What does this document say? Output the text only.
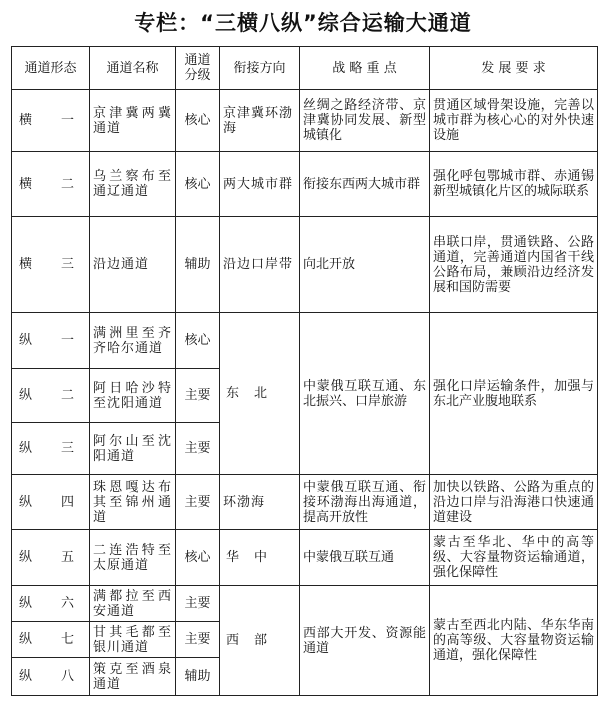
专栏：“三横八纵”综合运输大通道
通道形态	通道名称	通道分级	衔接方向	战 略 重 点	发 展 要 求
横　一	京津冀两冀通道	核心	京津冀环渤海	丝绸之路经济带、京津冀协同发展、新型城镇化	贯通区域骨架设施，完善以城市群为核心心的对外快速设施
横　二	乌兰察布至通辽通道	核心	两大城市群	衔接东西两大城市群	强化呼包鄂城市群、赤通锡新型城镇化片区的城际联系
横　三	沿边通道	辅助	沿边口岸带	向北开放	串联口岸，贯通铁路、公路通道，完善通道内国省干线公路布局，兼顾沿边经济发展和国防需要
纵　一	满洲里至齐齐哈尔通道	核心	东　北	中蒙俄互联互通、东北振兴、口岸旅游	强化口岸运输条件，加强与东北产业腹地联系
纵　二	阿日哈沙特至沈阳通道	主要			
纵　三	阿尔山至沈阳通道	主要			
纵　四	珠恩嘎达布其至锦州通道	主要	环渤海	中蒙俄互联互通、衔接环渤海出海通道，提高开放性	加快以铁路、公路为重点的沿边口岸与沿海港口快速通道建设
纵　五	二连浩特至太原通道	核心	华　中	中蒙俄互联互通	蒙古至华北、华中的高等级、大容量物资运输通道，强化保障性
纵　六	满都拉至西安通道	主要	西　部	西部大开发、资源能通道	蒙古至西北内陆、华东华南的高等级、大容量物资运输通道，强化保障性
纵　七	甘其毛都至银川通道	主要			
纵　八	策克至酒泉通道	辅助			
